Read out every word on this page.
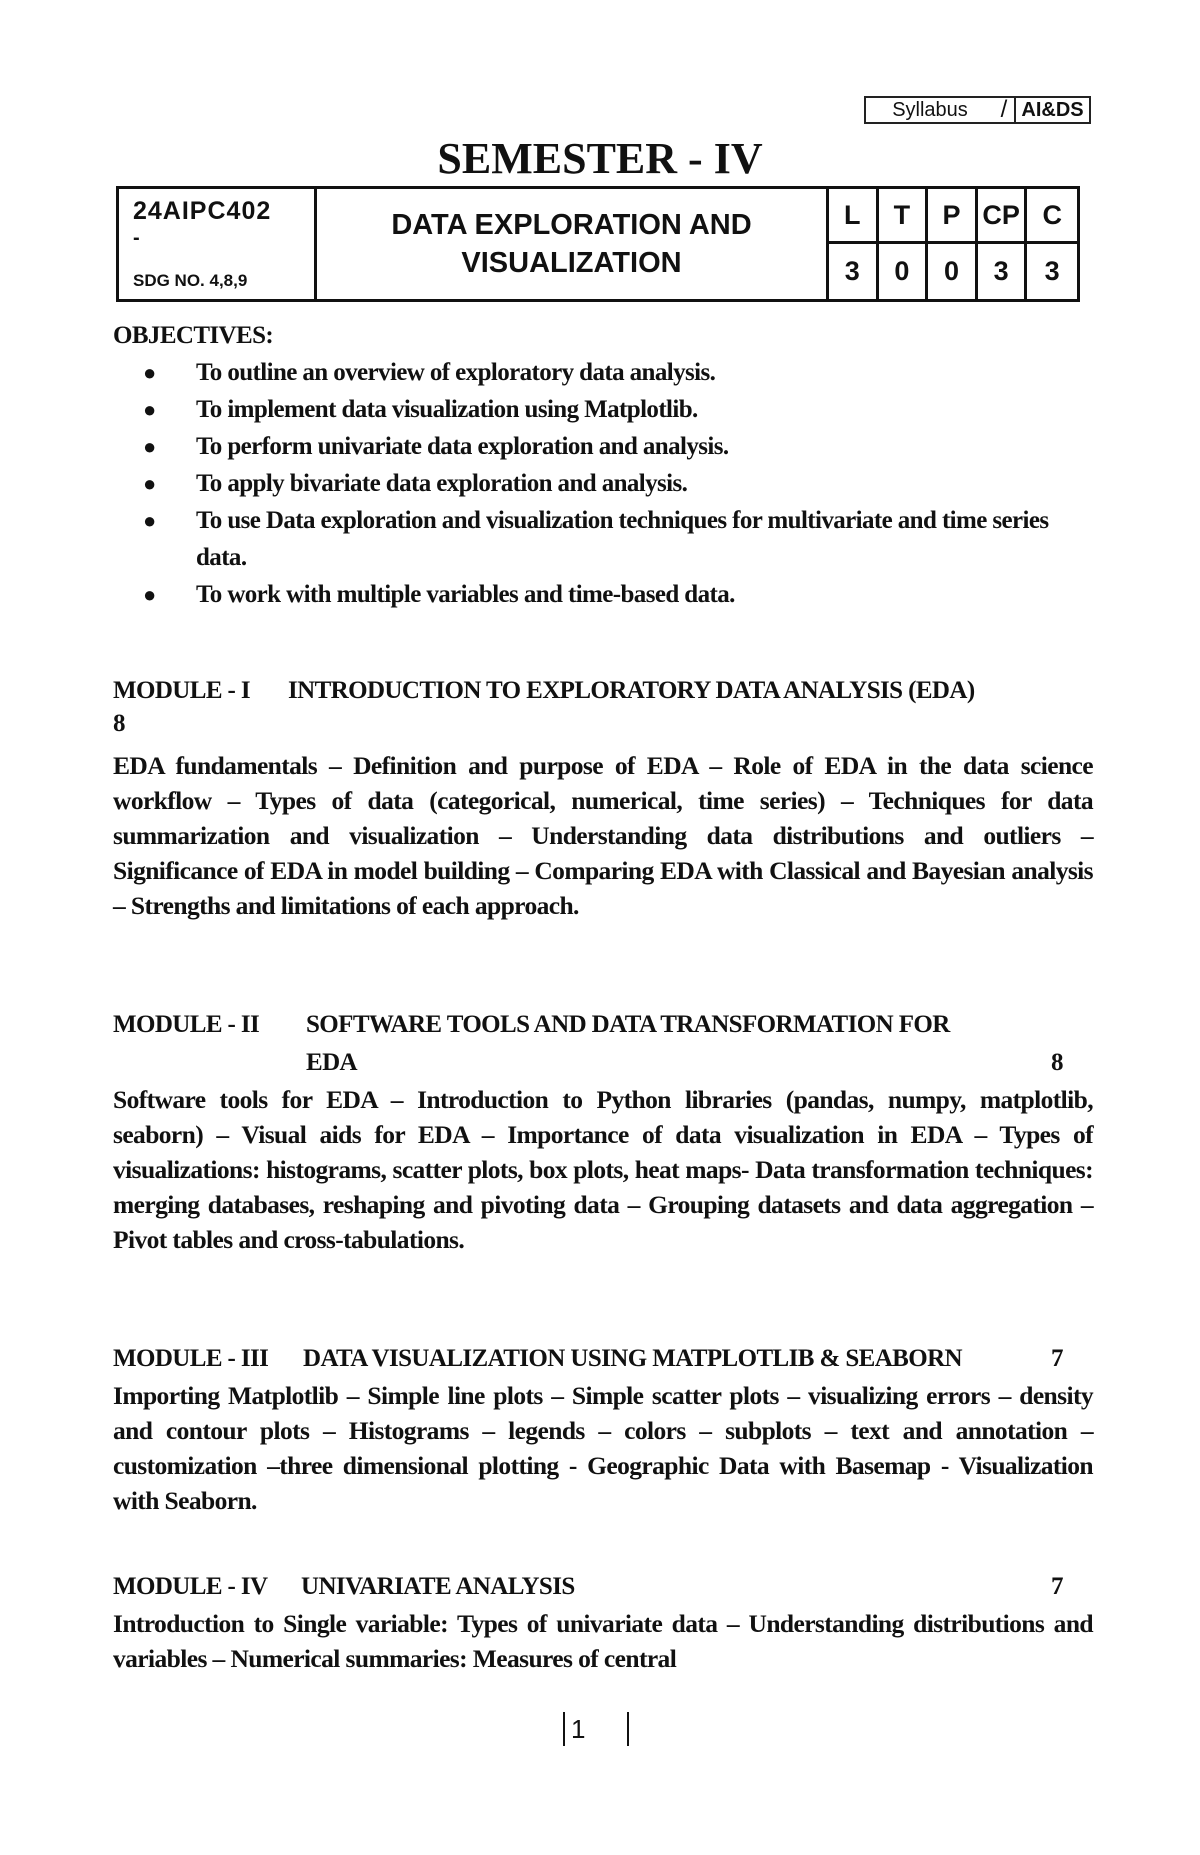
Syllabus	/ AI&DS
SEMESTER - IV
24AIPC402
-
SDG NO. 4,8,9
DATA EXPLORATION AND
VISUALIZATION
L	T	P CP C
3	0	0	3	3
OBJECTIVES:
● To outline an overview of exploratory data analysis.
● To implement data visualization using Matplotlib.
● To perform univariate data exploration and analysis.
● To apply bivariate data exploration and analysis.
● To use Data exploration and visualization techniques for multivariate and time series data.
● To work with multiple variables and time-based data.
MODULE - I	INTRODUCTION TO EXPLORATORY DATA ANALYSIS (EDA)
8
EDA fundamentals – Definition and purpose of EDA – Role of EDA in the data science workflow – Types of data (categorical, numerical, time series) – Techniques for data summarization and visualization – Understanding data distributions and outliers – Significance of EDA in model building – Comparing EDA with Classical and Bayesian analysis – Strengths and limitations of each approach.
MODULE - II	SOFTWARE TOOLS AND DATA TRANSFORMATION FOR
EDA	8
Software tools for EDA – Introduction to Python libraries (pandas, numpy, matplotlib, seaborn) – Visual aids for EDA – Importance of data visualization in EDA – Types of visualizations: histograms, scatter plots, box plots, heat maps- Data transformation techniques: merging databases, reshaping and pivoting data – Grouping datasets and data aggregation – Pivot tables and cross-tabulations.
MODULE - III	DATA VISUALIZATION USING MATPLOTLIB & SEABORN	7
Importing Matplotlib – Simple line plots – Simple scatter plots – visualizing errors – density and contour plots – Histograms – legends – colors – subplots – text and annotation – customization –three dimensional plotting - Geographic Data with Basemap - Visualization with Seaborn.
MODULE - IV	UNIVARIATE ANALYSIS	7
Introduction to Single variable: Types of univariate data – Understanding distributions and variables – Numerical summaries: Measures of central
1
